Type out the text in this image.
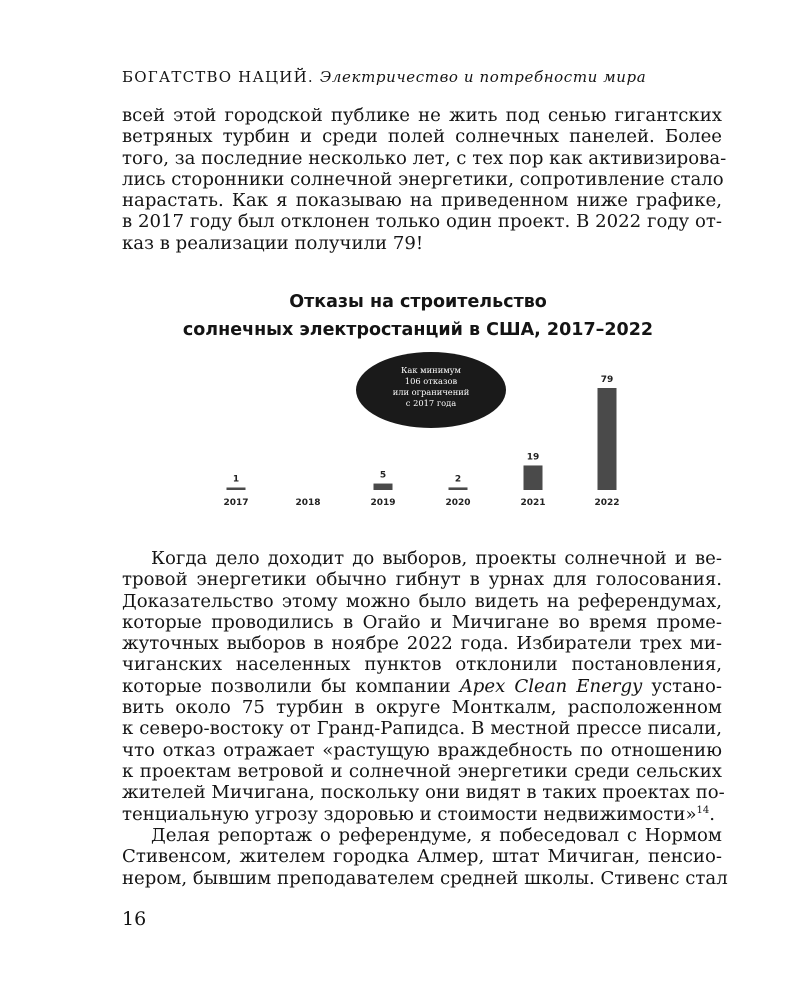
БОГАТСТВО НАЦИЙ. Электричество и потребности мира
всей этой городской публике не жить под сенью гигантских
ветряных турбин и среди полей солнечных панелей. Более
того, за последние несколько лет, с тех пор как активизирова-
лись сторонники солнечной энергетики, сопротивление стало
нарастать. Как я показываю на приведенном ниже графике,
в 2017 году был отклонен только один проект. В 2022 году от-
каз в реализации получили 79!
Отказы на строительство
солнечных электростанций в США, 2017–2022
1
2017	2018
5
2019
2
2020
19
2021
79
2022
Как минимум
106 отказов
или ограничений
с 2017 года
Когда дело доходит до выборов, проекты солнечной и ве-
тровой энергетики обычно гибнут в урнах для голосования.
Доказательство этому можно было видеть на референдумах,
которые проводились в Огайо и Мичигане во время проме-
жуточных выборов в ноябре 2022 года. Избиратели трех ми-
чиганских населенных пунктов отклонили постановления,
которые позволили бы компании Apex Clean Energy устано-
вить около 75 турбин в округе Монткалм, расположенном
к северо-востоку от Гранд-Рапидса. В местной прессе писали,
что отказ отражает «растущую враждебность по отношению
к проектам ветровой и солнечной энергетики среди сельских
жителей Мичигана, поскольку они видят в таких проектах по-
тенциальную угрозу здоровью и стоимости недвижимости»$^{14}$.
Делая репортаж о референдуме, я побеседовал с Нормом
Стивенсом, жителем городка Алмер, штат Мичиган, пенсио-
нером, бывшим преподавателем средней школы. Стивенс стал
16
